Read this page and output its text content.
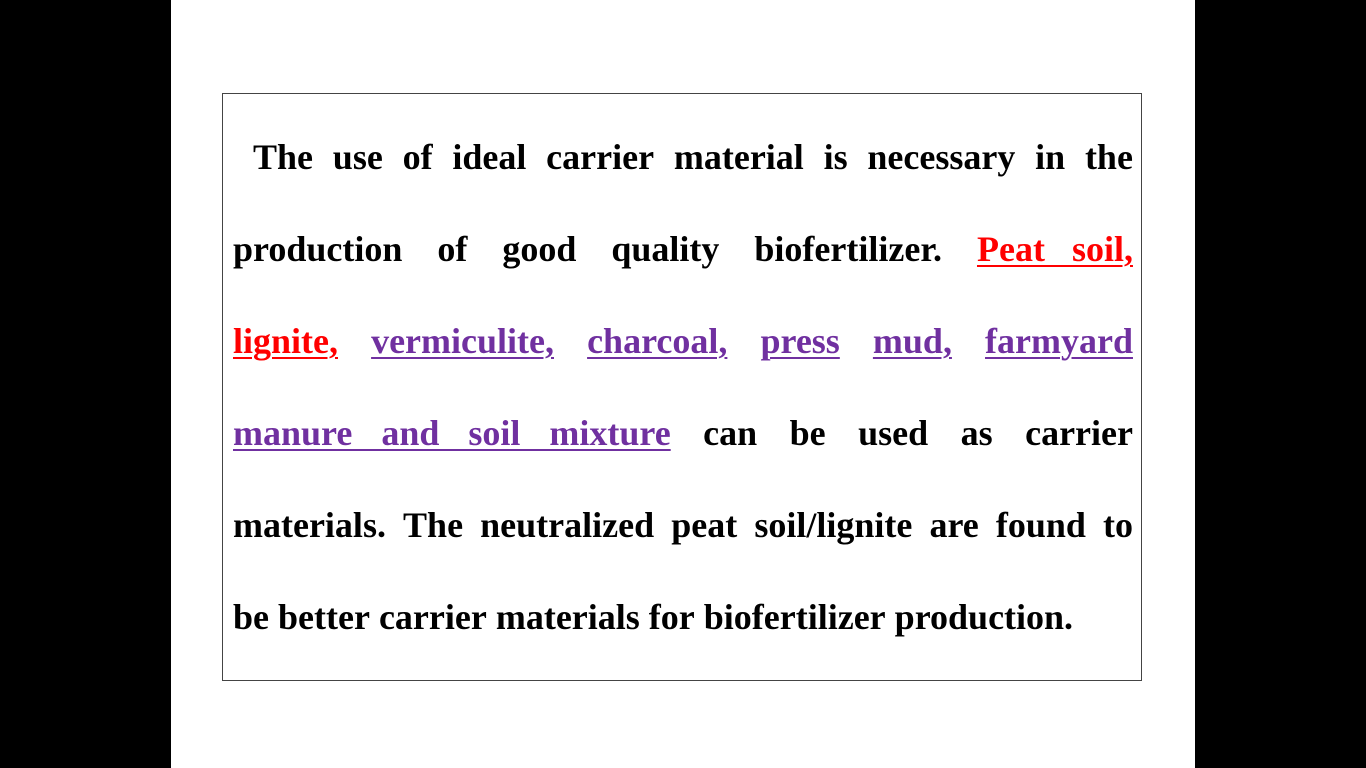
The use of ideal carrier material is necessary in the
production of good quality biofertilizer. Peat soil,
lignite, vermiculite, charcoal, press mud, farmyard
manure and soil mixture can be used as carrier
materials. The neutralized peat soil/lignite are found to
be better carrier materials for biofertilizer production.
